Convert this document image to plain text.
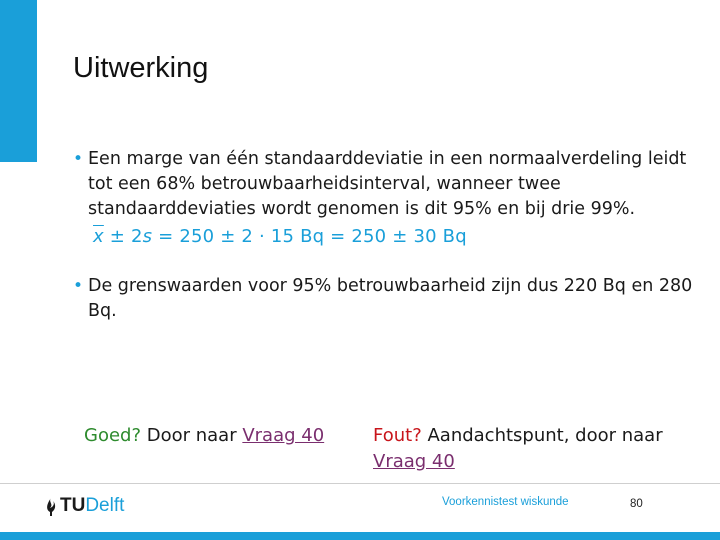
Uitwerking
• Een marge van één standaarddeviatie in een normaalverdeling leidt tot een 68% betrouwbaarheidsinterval, wanneer twee standaarddeviaties wordt genomen is dit 95% en bij drie 99%.
$\overline{x} \pm 2s = 250 \pm 2 \cdot 15$ Bq = 250 ± 30 Bq
• De grenswaarden voor 95% betrouwbaarheid zijn dus 220 Bq en 280 Bq.
Goed? Door naar Vraag 40	Fout? Aandachtspunt, door naar Vraag 40
TU Delft	Voorkennistest wiskunde	80
